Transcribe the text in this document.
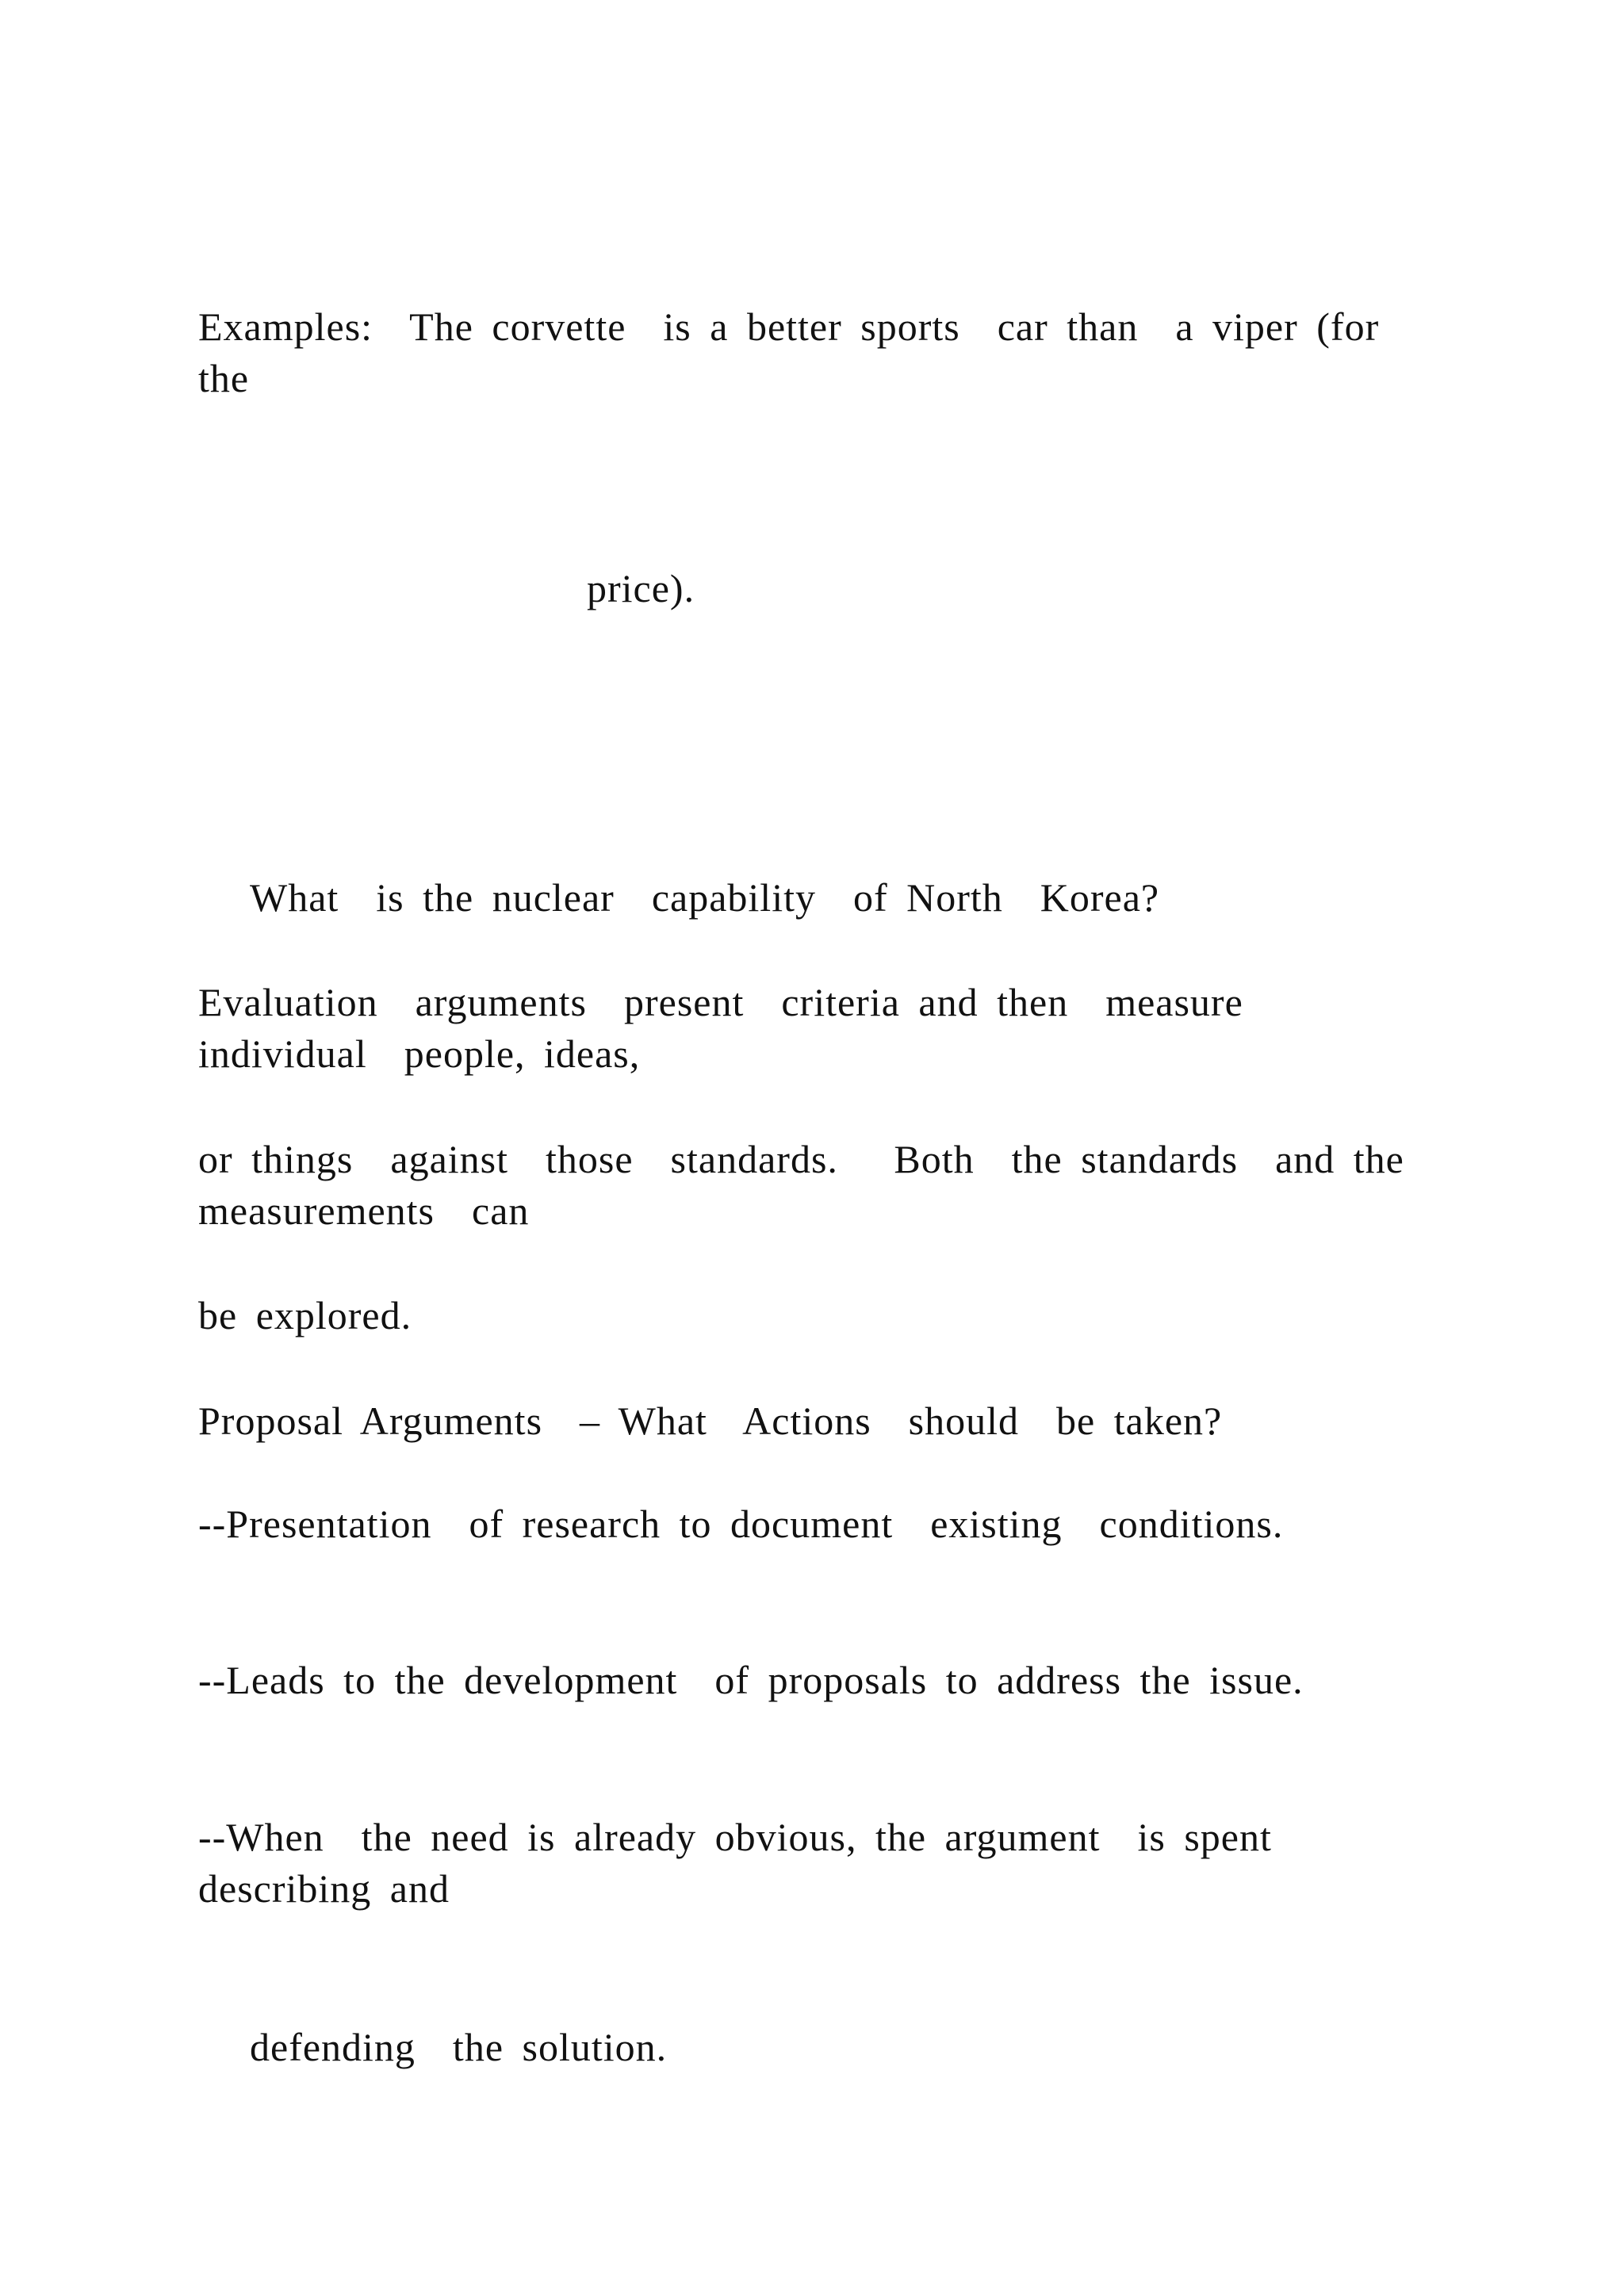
Examples:  The corvette  is a better sports  car than  a viper (for

the

price).

What  is the nuclear  capability  of North  Korea?

Evaluation  arguments  present  criteria and then  measure

individual  people, ideas,

or things  against  those  standards.   Both  the standards  and the

measurements  can

be explored.

Proposal Arguments  – What  Actions  should  be taken?

--Presentation  of research to document  existing  conditions.

--Leads to the development  of proposals to address the issue.

--When  the need is already obvious, the argument  is spent

describing and

defending  the solution.
